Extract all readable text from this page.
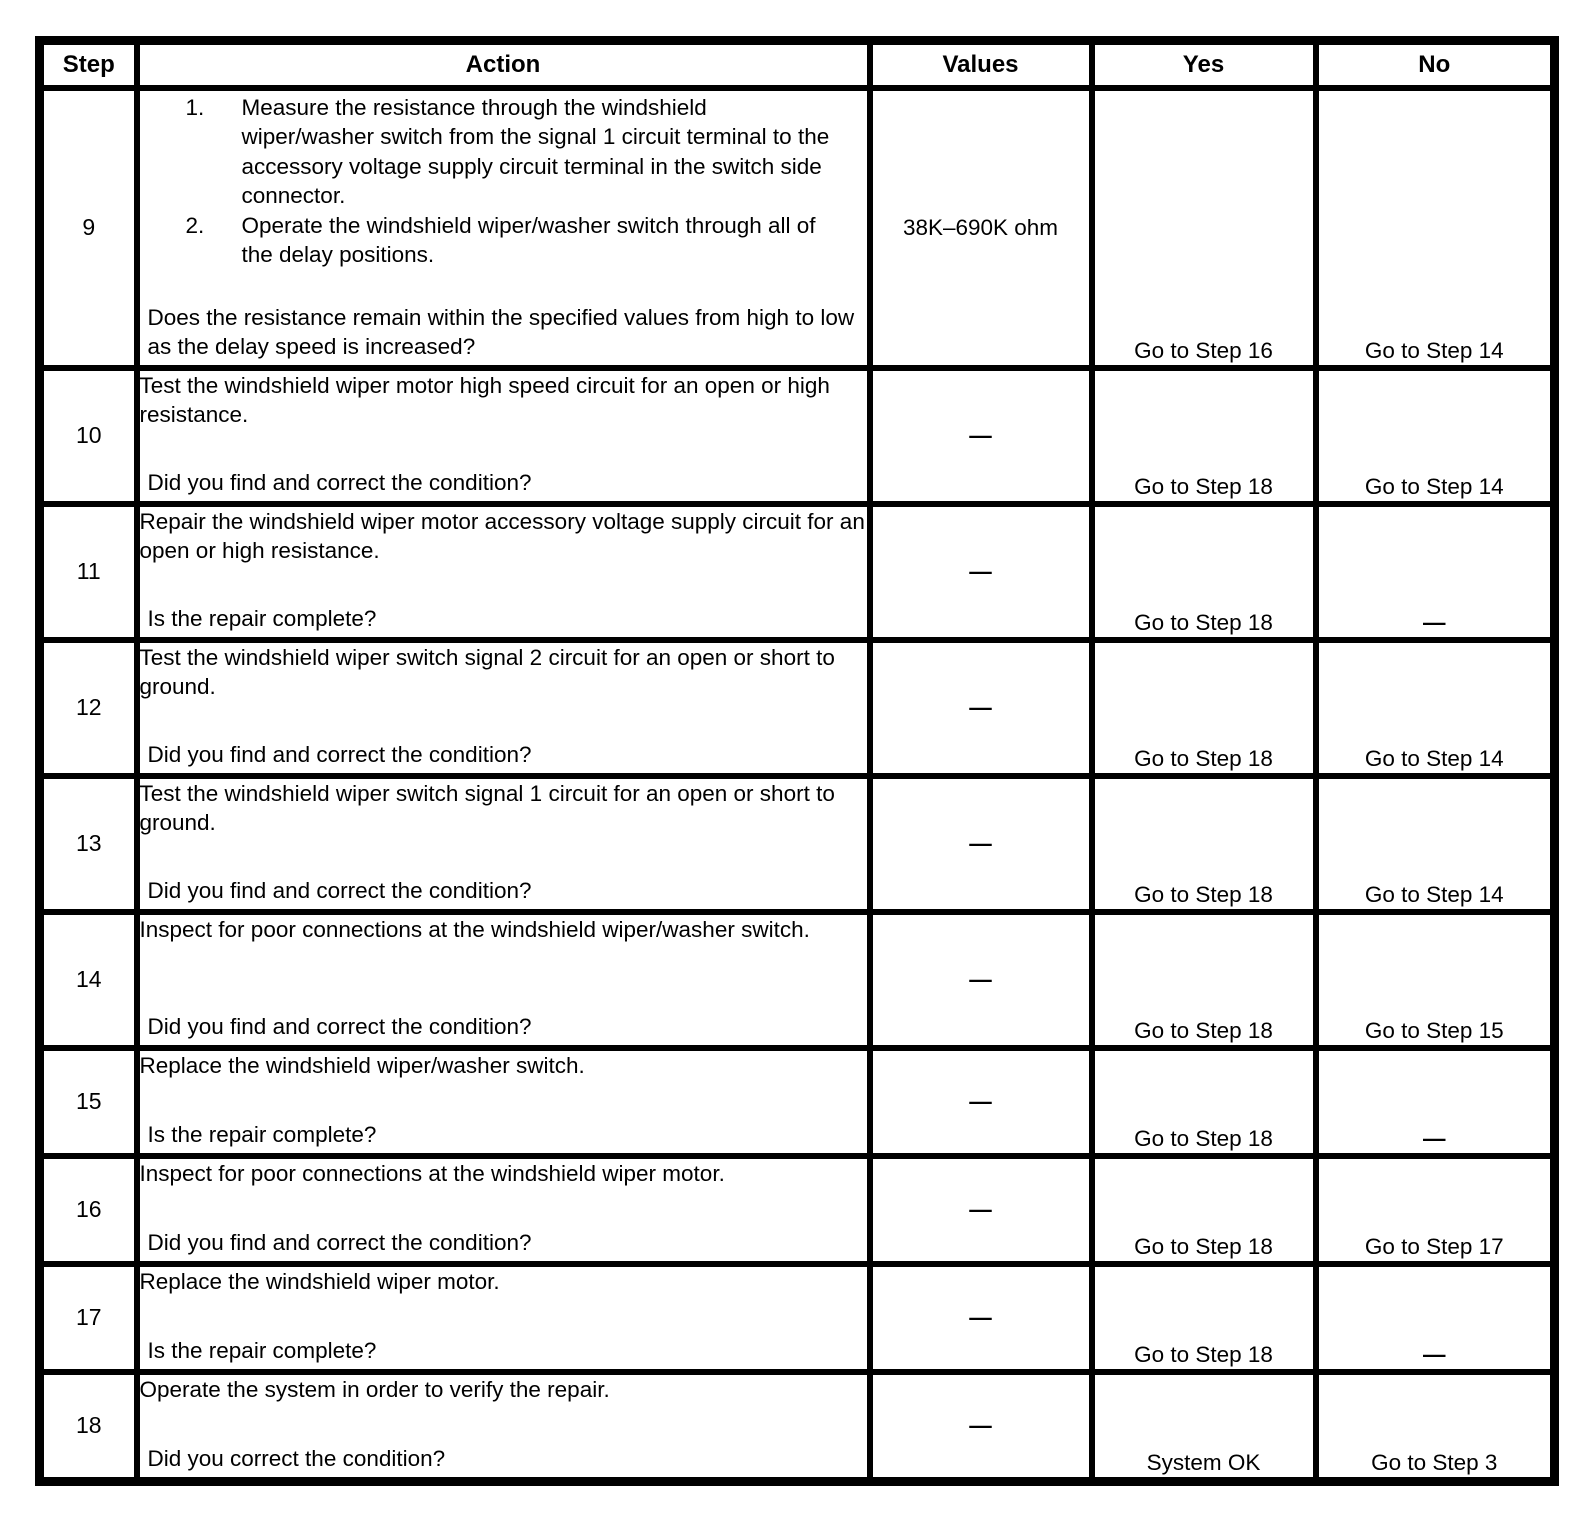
Step	Action	Values	Yes	No
9	
1.	Measure the resistance through the windshield wiper/washer switch from the signal 1 circuit terminal to the accessory voltage supply circuit terminal in the switch side connector.
2.	Operate the windshield wiper/washer switch through all of the delay positions.
Does the resistance remain within the specified values from high to low as the delay speed is increased?
	38K–690K ohm	Go to Step 16	Go to Step 14
10	Test the windshield wiper motor high speed circuit for an open or high resistance.
Did you find and correct the condition?	—	Go to Step 18	Go to Step 14
11	Repair the windshield wiper motor accessory voltage supply circuit for an open or high resistance.
Is the repair complete?	—	Go to Step 18	—
12	Test the windshield wiper switch signal 2 circuit for an open or short to ground.
Did you find and correct the condition?	—	Go to Step 18	Go to Step 14
13	Test the windshield wiper switch signal 1 circuit for an open or short to ground.
Did you find and correct the condition?	—	Go to Step 18	Go to Step 14
14	Inspect for poor connections at the windshield wiper/washer switch.
Did you find and correct the condition?	—	Go to Step 18	Go to Step 15
15	Replace the windshield wiper/washer switch.
Is the repair complete?	—	Go to Step 18	—
16	Inspect for poor connections at the windshield wiper motor.
Did you find and correct the condition?	—	Go to Step 18	Go to Step 17
17	Replace the windshield wiper motor.
Is the repair complete?	—	Go to Step 18	—
18	Operate the system in order to verify the repair.
Did you correct the condition?	—	System OK	Go to Step 3
